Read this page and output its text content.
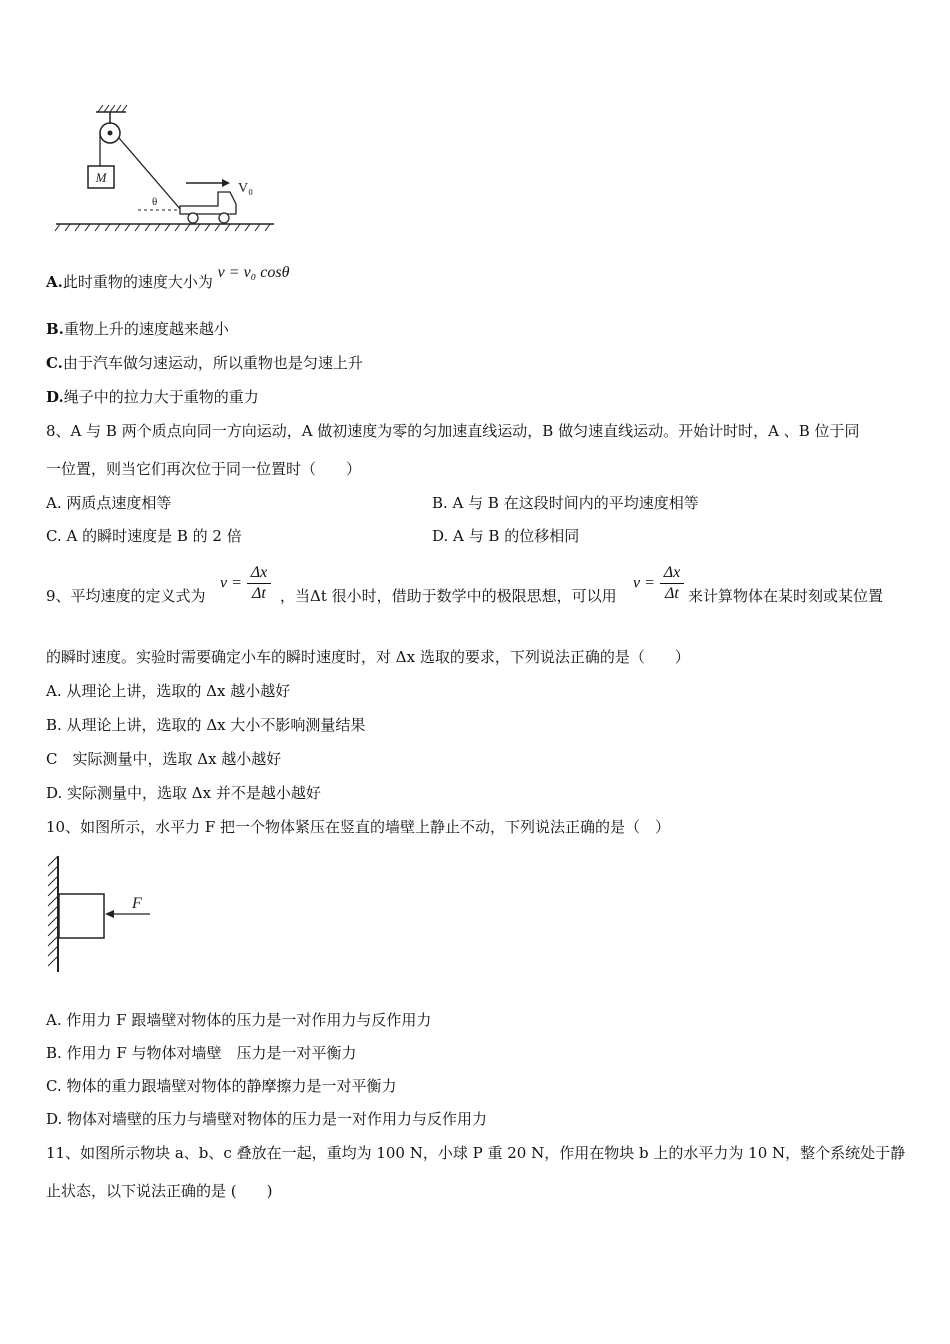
M
θ
V₀
A.此时重物的速度大小为 v = v₀ cosθ
B.重物上升的速度越来越小
C.由于汽车做匀速运动，所以重物也是匀速上升
D.绳子中的拉力大于重物的重力
8、A 与 B 两个质点向同一方向运动，A 做初速度为零的匀加速直线运动，B 做匀速直线运动。开始计时时，A 、B 位于同
一位置，则当它们再次位于同一位置时（　　）
A. 两质点速度相等	B. A 与 B 在这段时间内的平均速度相等
C. A 的瞬时速度是 B 的 2 倍	D. A 与 B 的位移相同
9、平均速度的定义式为
$v = \frac{\Delta x}{\Delta t}$ ，当Δt 很小时，借助于数学中的极限思想，可以用
$v = \frac{\Delta x}{\Delta t}$ 来计算物体在某时刻或某位置
的瞬时速度。实验时需要确定小车的瞬时速度时，对 Δx 选取的要求，下列说法正确的是（　　）
A. 从理论上讲，选取的 Δx 越小越好
B. 从理论上讲，选取的 Δx 大小不影响测量结果
C　实际测量中，选取 Δx 越小越好
D. 实际测量中，选取 Δx 并不是越小越好
10、如图所示，水平力 F 把一个物体紧压在竖直的墙壁上静止不动，下列说法正确的是（　）
F
A. 作用力 F 跟墙壁对物体的压力是一对作用力与反作用力
B. 作用力 F 与物体对墙壁　压力是一对平衡力
C. 物体的重力跟墙壁对物体的静摩擦力是一对平衡力
D. 物体对墙壁的压力与墙壁对物体的压力是一对作用力与反作用力
11、如图所示物块 a、b、c 叠放在一起，重均为 100 N，小球 P 重 20 N，作用在物块 b 上的水平力为 10 N，整个系统处于静
止状态，以下说法正确的是 (　　)
